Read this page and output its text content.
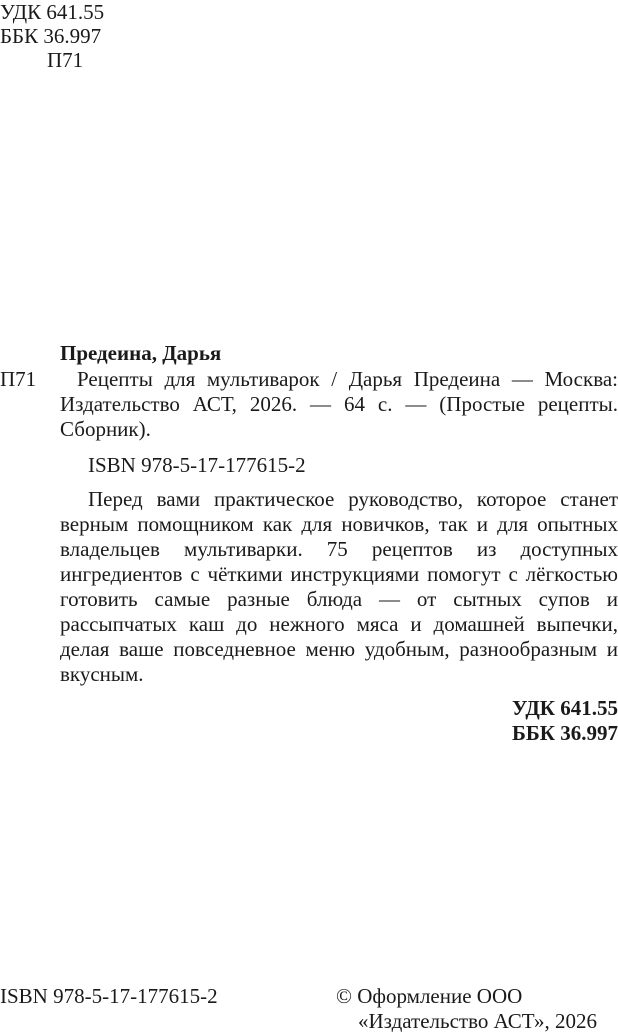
УДК 641.55
ББК 36.997
П71
Предеина, Дарья
П71	Рецепты для мультиварок / Дарья Предеина — Москва: Издательство АСТ, 2026. — 64 с. — (Простые рецепты. Сборник).
ISBN 978-5-17-177615-2
Перед вами практическое руководство, которое станет верным помощником как для новичков, так и для опытных владельцев мультиварки. 75 рецептов из доступных ингредиентов с чёткими инструкциями помогут с лёгкостью готовить самые разные блюда — от сытных супов и рассыпчатых каш до нежного мяса и домашней выпечки, делая ваше повседневное меню удобным, разнообразным и вкусным.
УДК 641.55
ББК 36.997
ISBN 978-5-17-177615-2	© Оформление ООО
«Издательство АСТ», 2026
